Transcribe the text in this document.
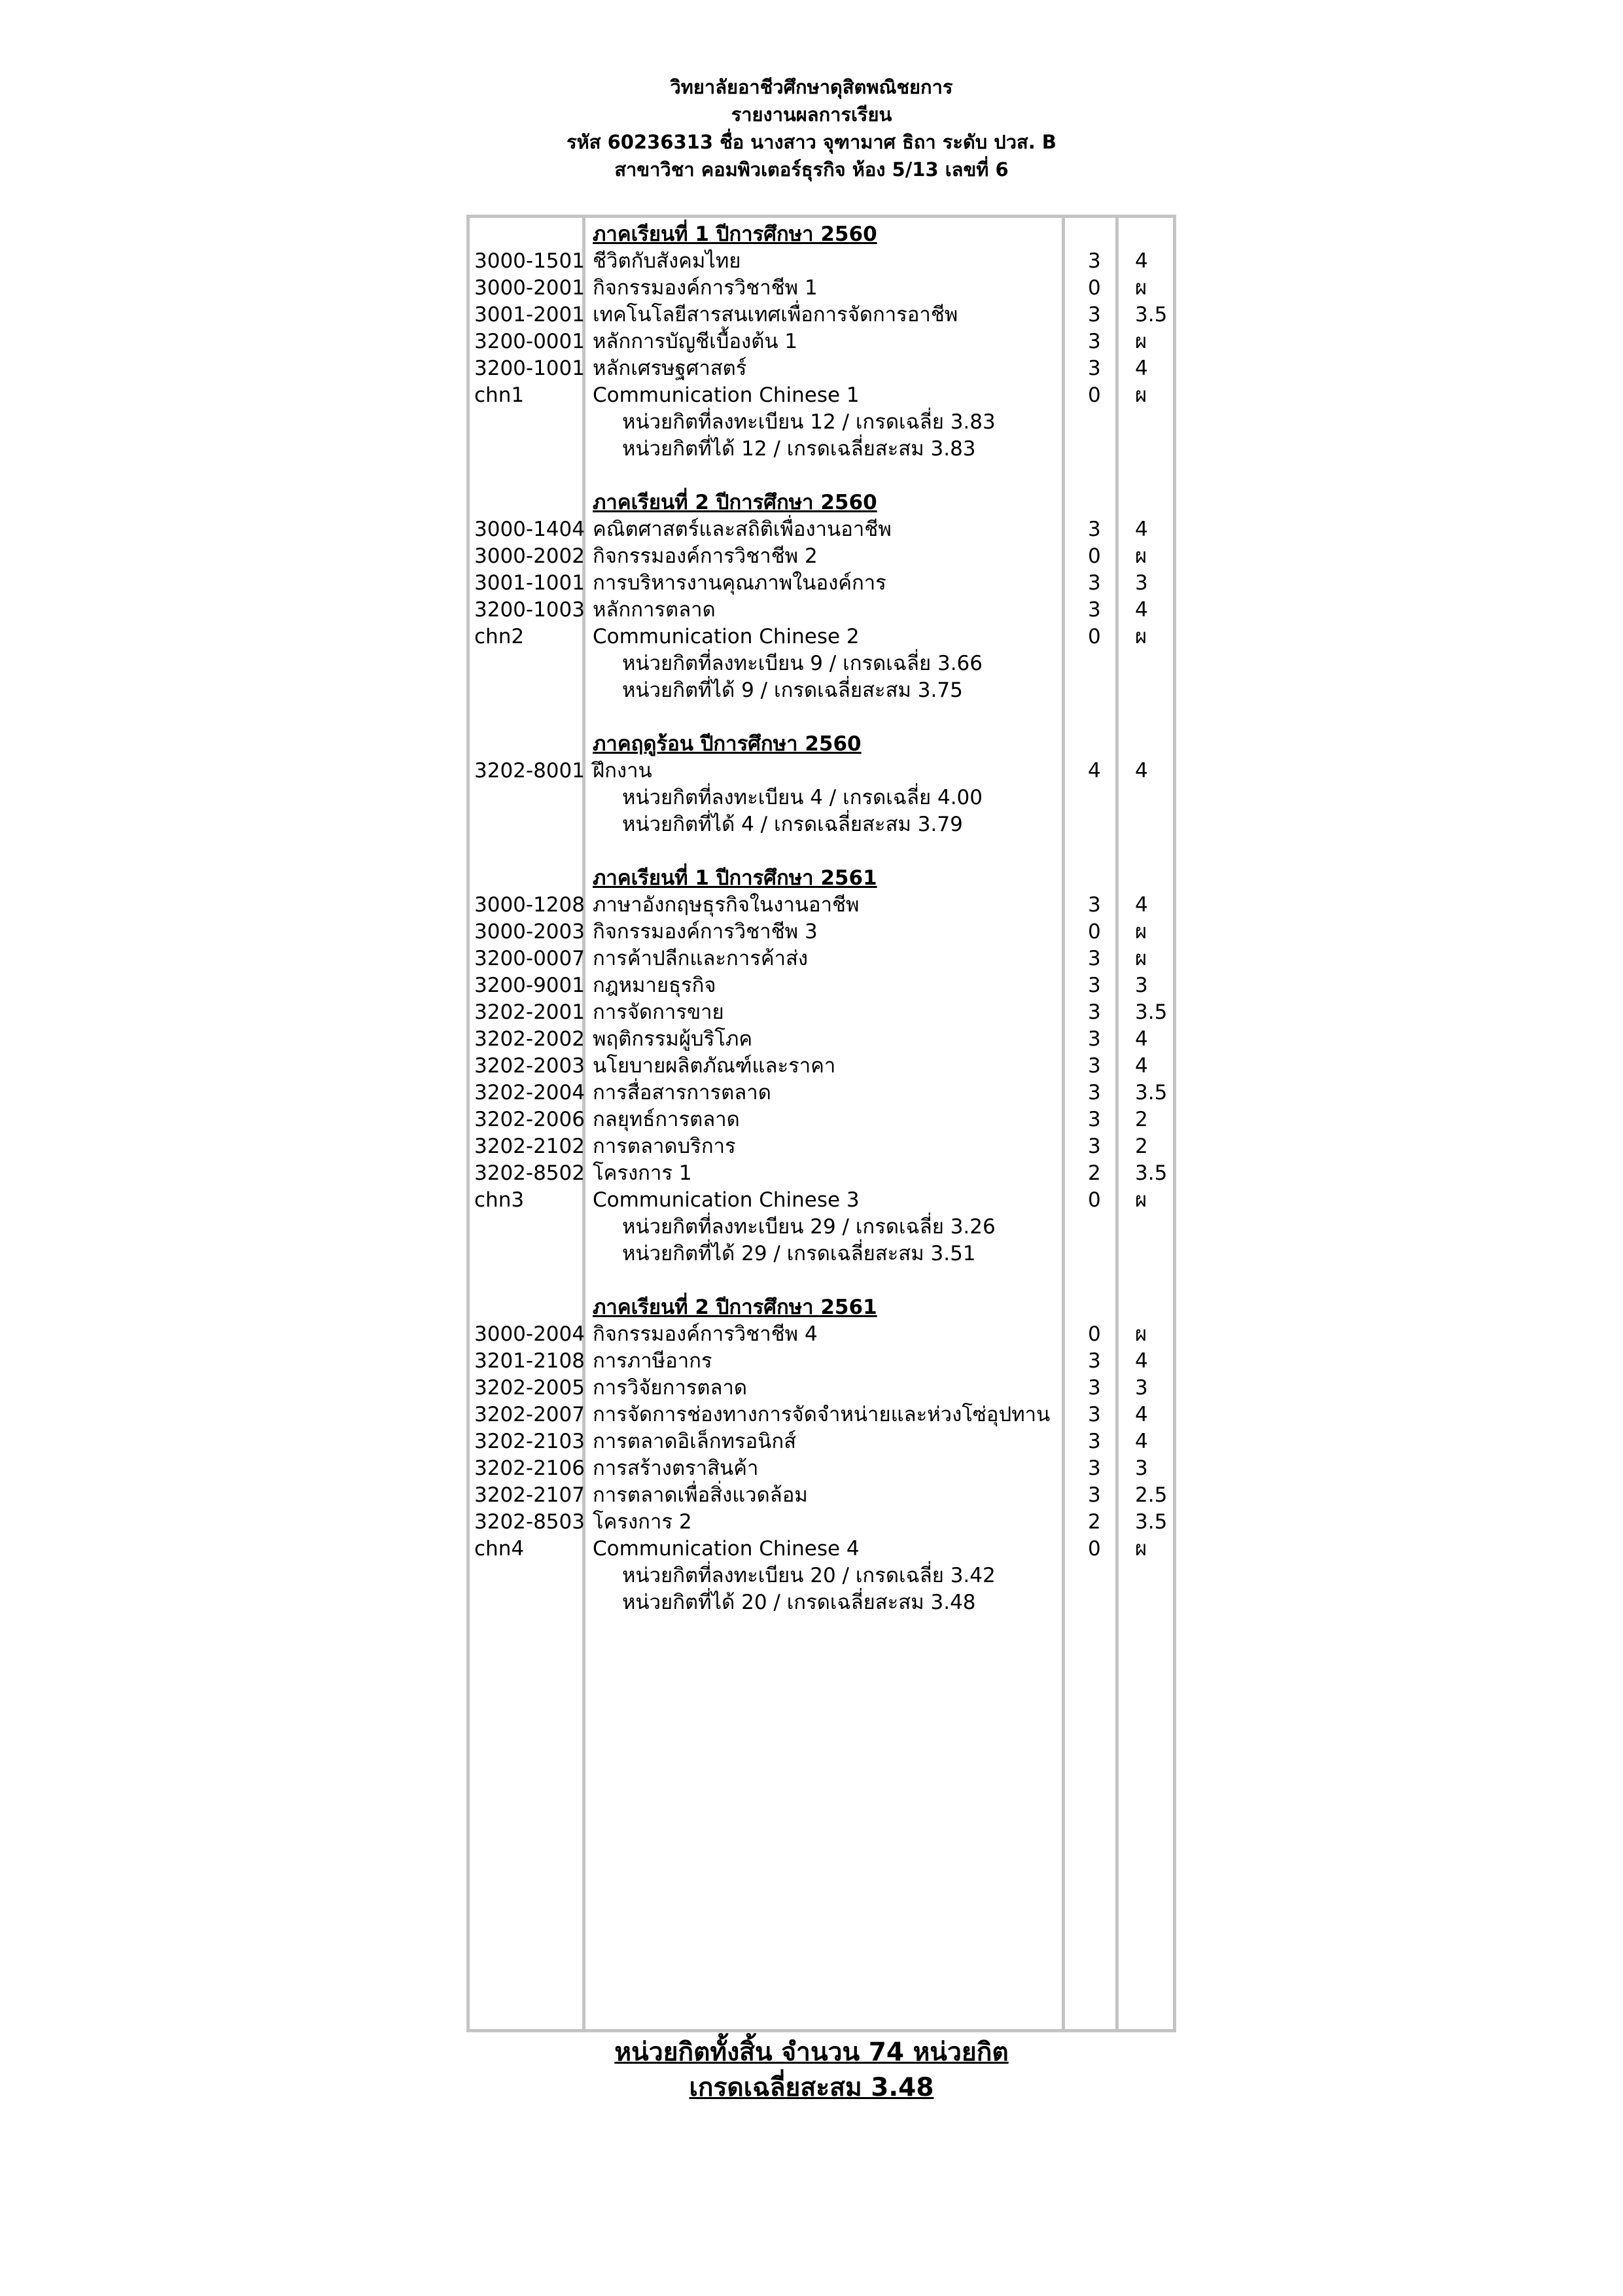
วิทยาลัยอาชีวศึกษาดุสิตพณิชยการ
รายงานผลการเรียน
รหัส 60236313 ชื่อ นางสาว จุฑามาศ ธิถา ระดับ ปวส. B
สาขาวิชา คอมพิวเตอร์ธุรกิจ ห้อง 5/13 เลขที่ 6
ภาคเรียนที่ 1 ปีการศึกษา 2560
3000-1501 ชีวิตกับสังคมไทย	3 4
3000-2001 กิจกรรมองค์การวิชาชีพ 1	0 ผ
3001-2001 เทคโนโลยีสารสนเทศเพื่อการจัดการอาชีพ	3 3.5
3200-0001 หลักการบัญชีเบื้องต้น 1	3 ผ
3200-1001 หลักเศรษฐศาสตร์	3 4
chn1	Communication Chinese 1	0 ผ
หน่วยกิตที่ลงทะเบียน 12 / เกรดเฉลี่ย 3.83
หน่วยกิตที่ได้ 12 / เกรดเฉลี่ยสะสม 3.83
ภาคเรียนที่ 2 ปีการศึกษา 2560
3000-1404 คณิตศาสตร์และสถิติเพื่องานอาชีพ	3 4
3000-2002 กิจกรรมองค์การวิชาชีพ 2	0 ผ
3001-1001 การบริหารงานคุณภาพในองค์การ	3 3
3200-1003 หลักการตลาด	3 4
chn2	Communication Chinese 2	0 ผ
หน่วยกิตที่ลงทะเบียน 9 / เกรดเฉลี่ย 3.66
หน่วยกิตที่ได้ 9 / เกรดเฉลี่ยสะสม 3.75
ภาคฤดูร้อน ปีการศึกษา 2560
3202-8001 ฝึกงาน	4 4
หน่วยกิตที่ลงทะเบียน 4 / เกรดเฉลี่ย 4.00
หน่วยกิตที่ได้ 4 / เกรดเฉลี่ยสะสม 3.79
ภาคเรียนที่ 1 ปีการศึกษา 2561
3000-1208 ภาษาอังกฤษธุรกิจในงานอาชีพ	3 4
3000-2003 กิจกรรมองค์การวิชาชีพ 3	0 ผ
3200-0007 การค้าปลีกและการค้าส่ง	3 ผ
3200-9001 กฎหมายธุรกิจ	3 3
3202-2001 การจัดการขาย	3 3.5
3202-2002 พฤติกรรมผู้บริโภค	3 4
3202-2003 นโยบายผลิตภัณฑ์และราคา	3 4
3202-2004 การสื่อสารการตลาด	3 3.5
3202-2006 กลยุทธ์การตลาด	3 2
3202-2102 การตลาดบริการ	3 2
3202-8502 โครงการ 1	2 3.5
chn3	Communication Chinese 3	0 ผ
หน่วยกิตที่ลงทะเบียน 29 / เกรดเฉลี่ย 3.26
หน่วยกิตที่ได้ 29 / เกรดเฉลี่ยสะสม 3.51
ภาคเรียนที่ 2 ปีการศึกษา 2561
3000-2004 กิจกรรมองค์การวิชาชีพ 4	0 ผ
3201-2108 การภาษีอากร	3 4
3202-2005 การวิจัยการตลาด	3 3
3202-2007 การจัดการช่องทางการจัดจำหน่ายและห่วงโซ่อุปทาน 3 4
3202-2103 การตลาดอิเล็กทรอนิกส์	3 4
3202-2106 การสร้างตราสินค้า	3 3
3202-2107 การตลาดเพื่อสิ่งแวดล้อม	3 2.5
3202-8503 โครงการ 2	2 3.5
chn4	Communication Chinese 4	0 ผ
หน่วยกิตที่ลงทะเบียน 20 / เกรดเฉลี่ย 3.42
หน่วยกิตที่ได้ 20 / เกรดเฉลี่ยสะสม 3.48
หน่วยกิตทั้งสิ้น จำนวน 74 หน่วยกิต
เกรดเฉลี่ยสะสม 3.48
